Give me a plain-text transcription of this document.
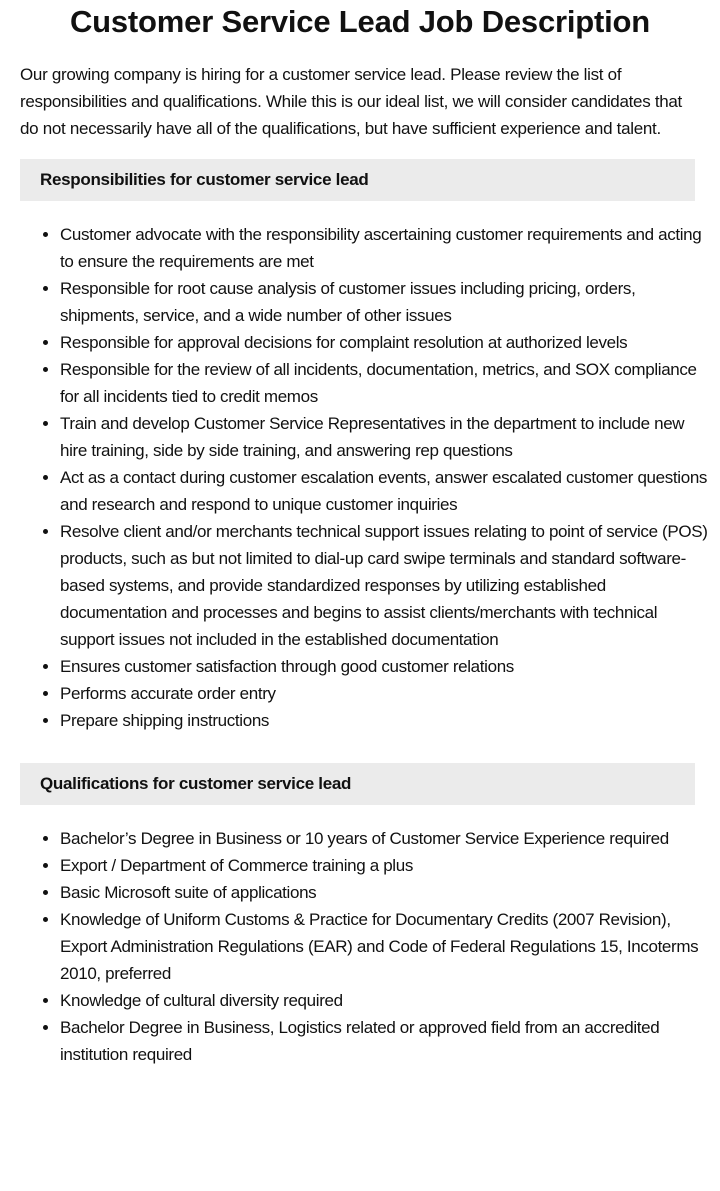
Customer Service Lead Job Description

Our growing company is hiring for a customer service lead. Please review the list of responsibilities and qualifications. While this is our ideal list, we will consider candidates that do not necessarily have all of the qualifications, but have sufficient experience and talent.

Responsibilities for customer service lead
• Customer advocate with the responsibility ascertaining customer requirements and acting to ensure the requirements are met
• Responsible for root cause analysis of customer issues including pricing, orders, shipments, service, and a wide number of other issues
• Responsible for approval decisions for complaint resolution at authorized levels
• Responsible for the review of all incidents, documentation, metrics, and SOX compliance for all incidents tied to credit memos
• Train and develop Customer Service Representatives in the department to include new hire training, side by side training, and answering rep questions
• Act as a contact during customer escalation events, answer escalated customer questions and research and respond to unique customer inquiries
• Resolve client and/or merchants technical support issues relating to point of service (POS) products, such as but not limited to dial-up card swipe terminals and standard software-based systems, and provide standardized responses by utilizing established documentation and processes and begins to assist clients/merchants with technical support issues not included in the established documentation
• Ensures customer satisfaction through good customer relations
• Performs accurate order entry
• Prepare shipping instructions
Qualifications for customer service lead
• Bachelor’s Degree in Business or 10 years of Customer Service Experience required
• Export / Department of Commerce training a plus
• Basic Microsoft suite of applications
• Knowledge of Uniform Customs & Practice for Documentary Credits (2007 Revision), Export Administration Regulations (EAR) and Code of Federal Regulations 15, Incoterms 2010, preferred
• Knowledge of cultural diversity required
• Bachelor Degree in Business, Logistics related or approved field from an accredited institution required
